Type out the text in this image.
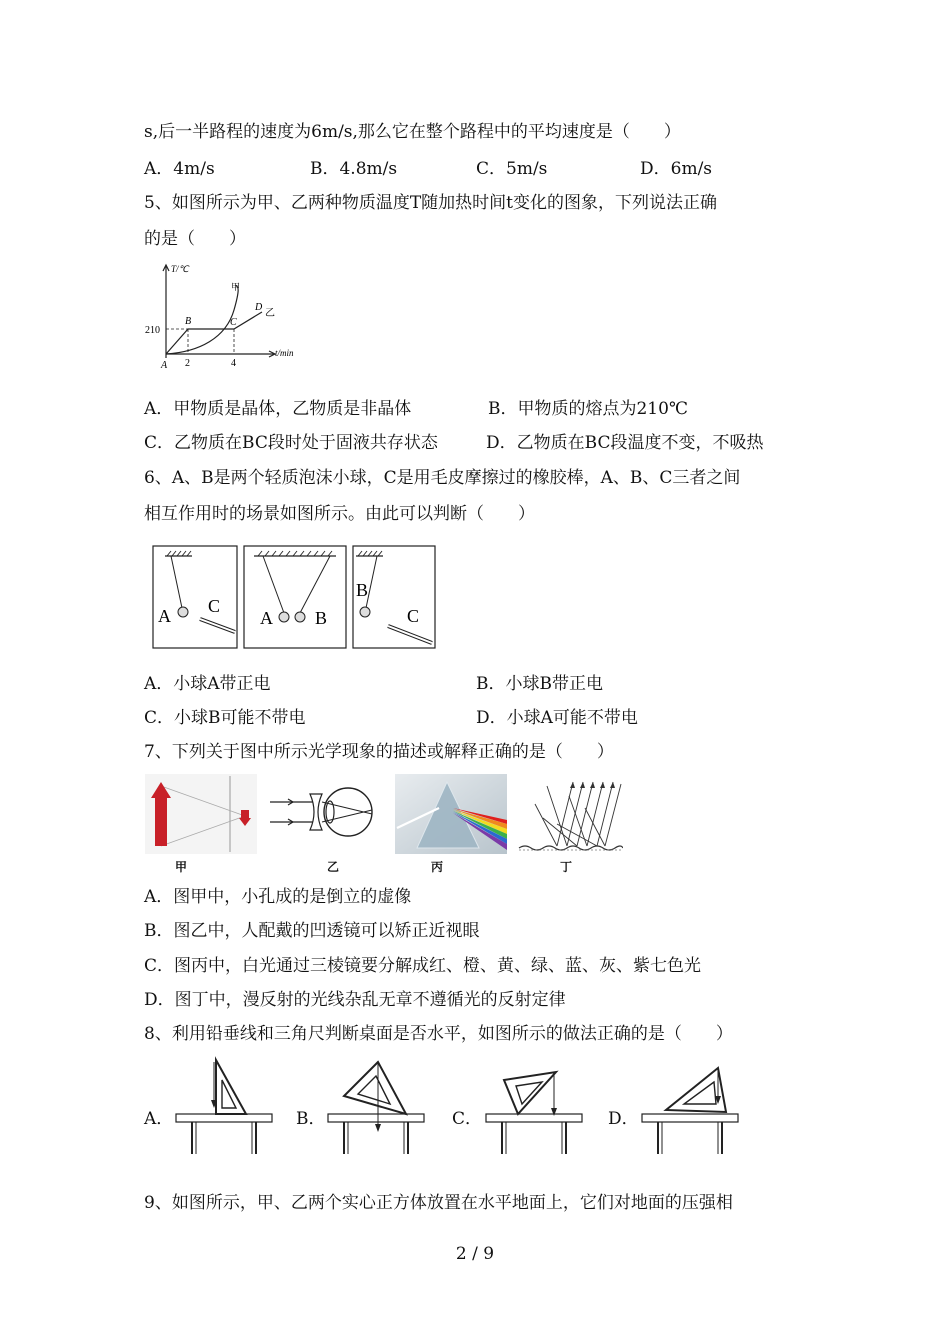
s,后一半路程的速度为6m/s,那么它在整个路程中的平均速度是（　　）
A．4m/s	B．4.8m/s	C．5m/s	D．6m/s
5、如图所示为甲、乙两种物质温度T随加热时间t变化的图象，下列说法正确
的是（　　）
T/℃
t/min
210
2	4
A
B	C
D
甲
乙
A．甲物质是晶体，乙物质是非晶体	B．甲物质的熔点为210℃
C．乙物质在BC段时处于固液共存状态	D．乙物质在BC段温度不变，不吸热
6、A、B是两个轻质泡沫小球，C是用毛皮摩擦过的橡胶棒，A、B、C三者之间
相互作用时的场景如图所示。由此可以判断（　　）
A C
A B
B
C
A．小球A带正电	B．小球B带正电
C．小球B可能不带电	D．小球A可能不带电
7、下列关于图中所示光学现象的描述或解释正确的是（　　）
甲	乙	丙	丁
A．图甲中，小孔成的是倒立的虚像
B．图乙中，人配戴的凹透镜可以矫正近视眼
C．图丙中，白光通过三棱镜要分解成红、橙、黄、绿、蓝、灰、紫七色光
D．图丁中，漫反射的光线杂乱无章不遵循光的反射定律
8、利用铅垂线和三角尺判断桌面是否水平，如图所示的做法正确的是（　　）
A．	B．	C．	D．
9、如图所示，甲、乙两个实心正方体放置在水平地面上，它们对地面的压强相
2 / 9
